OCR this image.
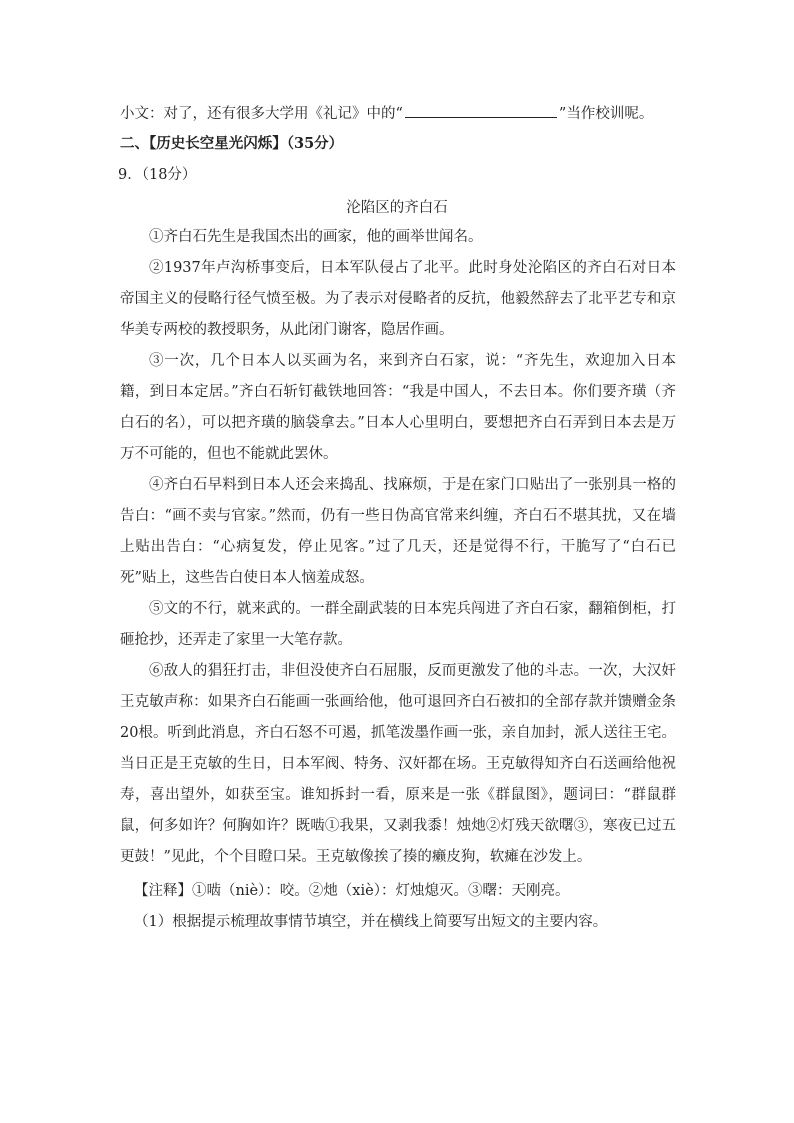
小文：对了，还有很多大学用《礼记》中的“	”当作校训呢。
二、【历史长空星光闪烁】（35分）
9．（18分）
沦陷区的齐白石

①齐白石先生是我国杰出的画家，他的画举世闻名。

②1937年卢沟桥事变后，日本军队侵占了北平。此时身处沦陷区的齐白石对日本帝国主义的侵略行径气愤至极。为了表示对侵略者的反抗，他毅然辞去了北平艺专和京华美专两校的教授职务，从此闭门谢客，隐居作画。

③一次，几个日本人以买画为名，来到齐白石家，说：“齐先生，欢迎加入日本籍，到日本定居。”齐白石斩钉截铁地回答：“我是中国人，不去日本。你们要齐璜（齐白石的名），可以把齐璜的脑袋拿去。”日本人心里明白，要想把齐白石弄到日本去是万万不可能的，但也不能就此罢休。

④齐白石早料到日本人还会来捣乱、找麻烦，于是在家门口贴出了一张别具一格的告白：“画不卖与官家。”然而，仍有一些日伪高官常来纠缠，齐白石不堪其扰，又在墙上贴出告白：“心病复发，停止见客。”过了几天，还是觉得不行，干脆写了“白石已死”贴上，这些告白使日本人恼羞成怒。

⑤文的不行，就来武的。一群全副武装的日本宪兵闯进了齐白石家，翻箱倒柜，打砸抢抄，还弄走了家里一大笔存款。

⑥敌人的猖狂打击，非但没使齐白石屈服，反而更激发了他的斗志。一次，大汉奸王克敏声称：如果齐白石能画一张画给他，他可退回齐白石被扣的全部存款并馈赠金条20根。听到此消息，齐白石怒不可遏，抓笔泼墨作画一张，亲自加封，派人送往王宅。当日正是王克敏的生日，日本军阀、特务、汉奸都在场。王克敏得知齐白石送画给他祝寿，喜出望外，如获至宝。谁知拆封一看，原来是一张《群鼠图》，题词曰：“群鼠群鼠，何多如许？何胸如许？既啮①我果，又剥我黍！烛灺②灯残天欲曙③，寒夜已过五更鼓！”见此，个个目瞪口呆。王克敏像挨了揍的癞皮狗，软瘫在沙发上。

【注释】①啮（niè）：咬。②灺（xiè）：灯烛熄灭。③曙：天刚亮。

（1）根据提示梳理故事情节填空，并在横线上简要写出短文的主要内容。
